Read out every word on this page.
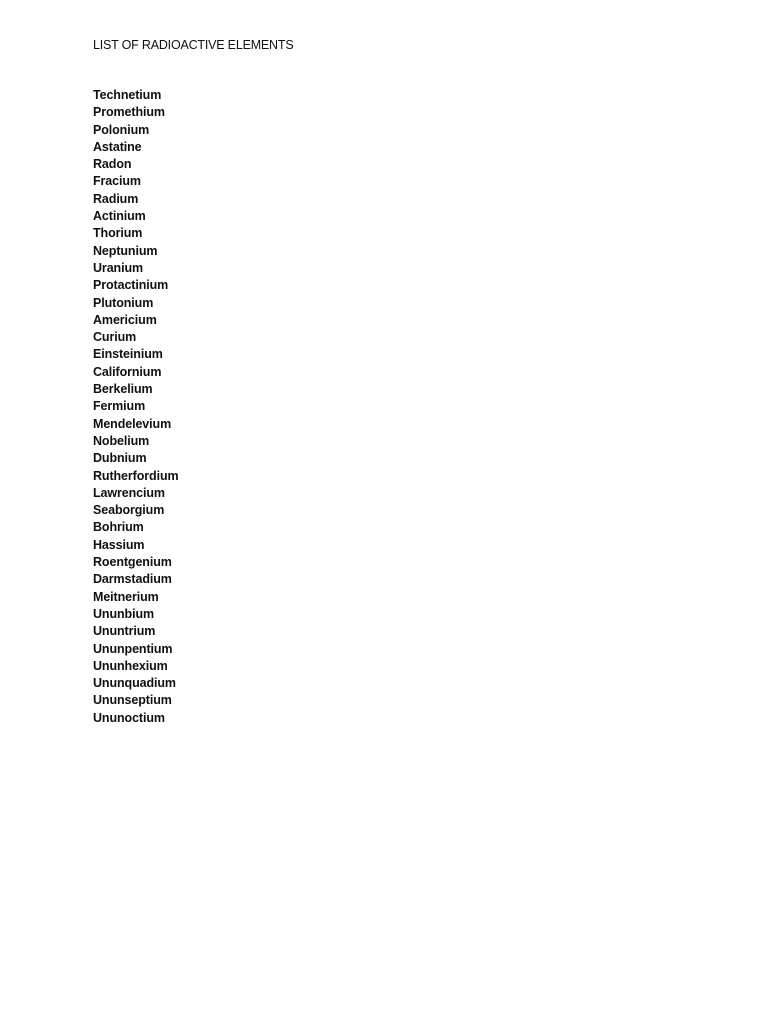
LIST OF RADIOACTIVE ELEMENTS
Technetium
Promethium
Polonium
Astatine
Radon
Fracium
Radium
Actinium
Thorium
Neptunium
Uranium
Protactinium
Plutonium
Americium
Curium
Einsteinium
Californium
Berkelium
Fermium
Mendelevium
Nobelium
Dubnium
Rutherfordium
Lawrencium
Seaborgium
Bohrium
Hassium
Roentgenium
Darmstadium
Meitnerium
Ununbium
Ununtrium
Ununpentium
Ununhexium
Ununquadium
Ununseptium
Ununoctium
